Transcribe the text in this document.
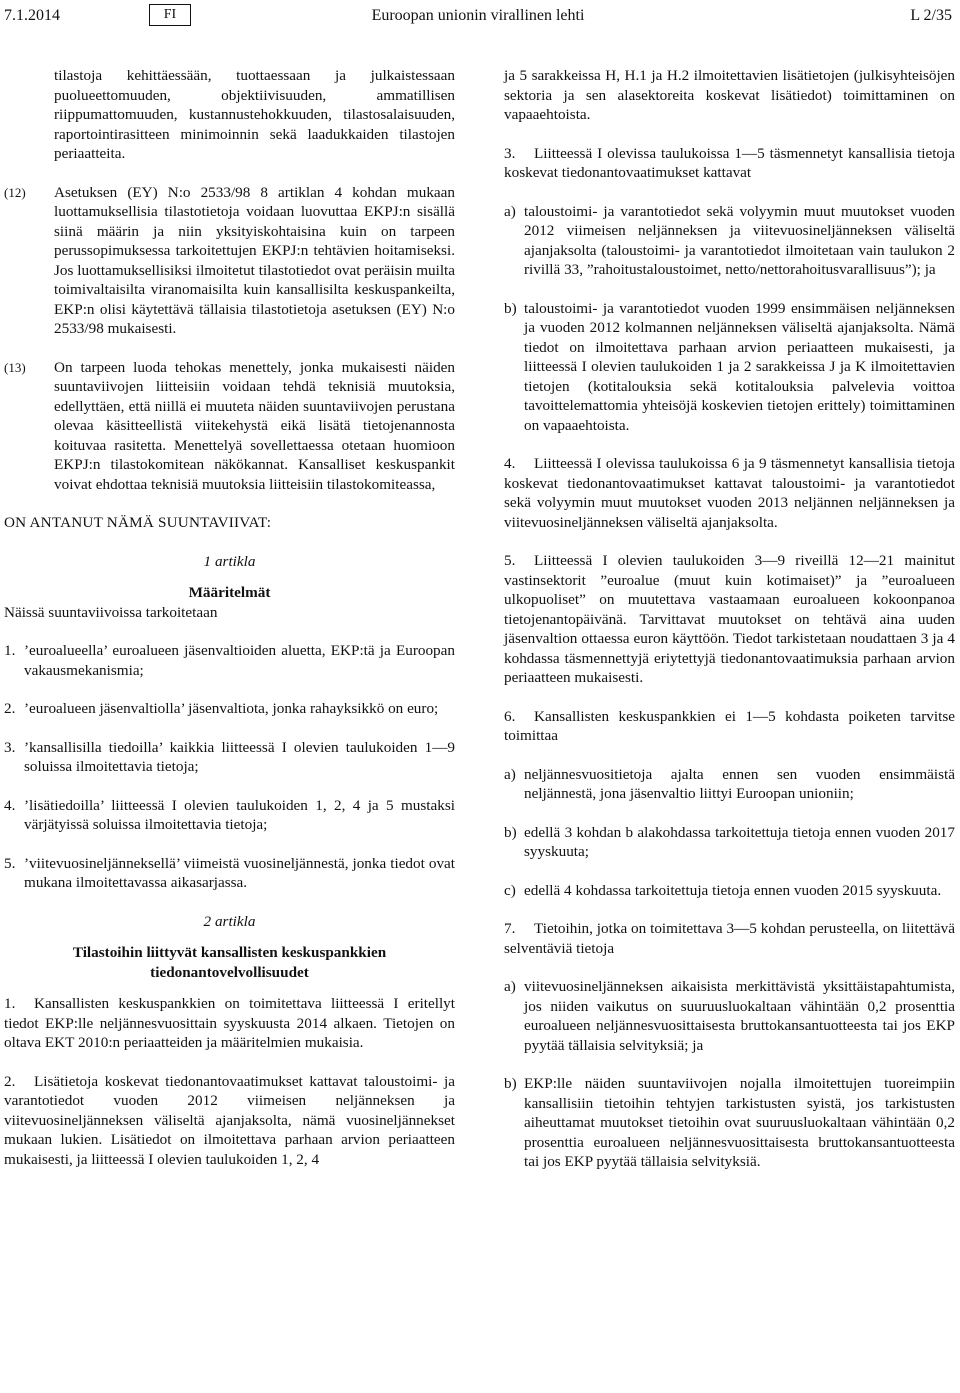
7.1.2014	FI	Euroopan unionin virallinen lehti	L 2/35

tilastoja kehittäessään, tuottaessaan ja julkaistessaan puolueettomuuden, objektiivisuuden, ammatillisen riippumattomuuden, kustannustehokkuuden, tilastosalaisuuden, raportointirasitteen minimoinnin sekä laadukkaiden tilastojen periaatteita.

(12) Asetuksen (EY) N:o 2533/98 8 artiklan 4 kohdan mukaan luottamuksellisia tilastotietoja voidaan luovuttaa EKPJ:n sisällä siinä määrin ja niin yksityiskohtaisina kuin on tarpeen perussopimuksessa tarkoitettujen EKPJ:n tehtävien hoitamiseksi. Jos luottamuksellisiksi ilmoitetut tilastotiedot ovat peräisin muilta toimivaltaisilta viranomaisilta kuin kansallisilta keskuspankeilta, EKP:n olisi käytettävä tällaisia tilastotietoja asetuksen (EY) N:o 2533/98 mukaisesti.
(13) On tarpeen luoda tehokas menettely, jonka mukaisesti näiden suuntaviivojen liitteisiin voidaan tehdä teknisiä muutoksia, edellyttäen, että niillä ei muuteta näiden suuntaviivojen perustana olevaa käsitteellistä viitekehystä eikä lisätä tietojenannosta koituvaa rasitetta. Menettelyä sovellettaessa otetaan huomioon EKPJ:n tilastokomitean näkökannat. Kansalliset keskuspankit voivat ehdottaa teknisiä muutoksia liitteisiin tilastokomiteassa,

ON ANTANUT NÄMÄ SUUNTAVIIVAT:

1 artikla

Määritelmät

Näissä suuntaviivoissa tarkoitetaan

1. ’euroalueella’ euroalueen jäsenvaltioiden aluetta, EKP:tä ja Euroopan vakausmekanismia;
2. ’euroalueen jäsenvaltiolla’ jäsenvaltiota, jonka rahayksikkö on euro;
3. ’kansallisilla tiedoilla’ kaikkia liitteessä I olevien taulukoiden 1—9 soluissa ilmoitettavia tietoja;
4. ’lisätiedoilla’ liitteessä I olevien taulukoiden 1, 2, 4 ja 5 mustaksi värjätyissä soluissa ilmoitettavia tietoja;
5. ’viitevuosineljänneksellä’ viimeistä vuosineljännestä, jonka tiedot ovat mukana ilmoitettavassa aikasarjassa.

2 artikla

Tilastoihin liittyvät kansallisten keskuspankkien tiedonantovelvollisuudet

1. Kansallisten keskuspankkien on toimitettava liitteessä I eritellyt tiedot EKP:lle neljännesvuosittain syyskuusta 2014 alkaen. Tietojen on oltava EKT 2010:n periaatteiden ja määritelmien mukaisia.

2. Lisätietoja koskevat tiedonantovaatimukset kattavat taloustoimi- ja varantotiedot vuoden 2012 viimeisen neljänneksen ja viitevuosineljänneksen väliseltä ajanjaksolta, nämä vuosineljännekset mukaan lukien. Lisätiedot on ilmoitettava parhaan arvion periaatteen mukaisesti, ja liitteessä I olevien taulukoiden 1, 2, 4

ja 5 sarakkeissa H, H.1 ja H.2 ilmoitettavien lisätietojen (julkisyhteisöjen sektoria ja sen alasektoreita koskevat lisätiedot) toimittaminen on vapaaehtoista.

3. Liitteessä I olevissa taulukoissa 1—5 täsmennetyt kansallisia tietoja koskevat tiedonantovaatimukset kattavat

a) taloustoimi- ja varantotiedot sekä volyymin muut muutokset vuoden 2012 viimeisen neljänneksen ja viitevuosineljänneksen väliseltä ajanjaksolta (taloustoimi- ja varantotiedot ilmoitetaan vain taulukon 2 rivillä 33, ”rahoitustaloustoimet, netto/nettorahoitusvarallisuus”); ja
b) taloustoimi- ja varantotiedot vuoden 1999 ensimmäisen neljänneksen ja vuoden 2012 kolmannen neljänneksen väliseltä ajanjaksolta. Nämä tiedot on ilmoitettava parhaan arvion periaatteen mukaisesti, ja liitteessä I olevien taulukoiden 1 ja 2 sarakkeissa J ja K ilmoitettavien tietojen (kotitalouksia sekä kotitalouksia palvelevia voittoa tavoittelemattomia yhteisöjä koskevien tietojen erittely) toimittaminen on vapaaehtoista.

4. Liitteessä I olevissa taulukoissa 6 ja 9 täsmennetyt kansallisia tietoja koskevat tiedonantovaatimukset kattavat taloustoimi- ja varantotiedot sekä volyymin muut muutokset vuoden 2013 neljännen neljänneksen ja viitevuosineljänneksen väliseltä ajanjaksolta.

5. Liitteessä I olevien taulukoiden 3—9 riveillä 12—21 mainitut vastinsektorit ”euroalue (muut kuin kotimaiset)” ja ”euroalueen ulkopuoliset” on muutettava vastaamaan euroalueen kokoonpanoa tietojenantopäivänä. Tarvittavat muutokset on tehtävä aina uuden jäsenvaltion ottaessa euron käyttöön. Tiedot tarkistetaan noudattaen 3 ja 4 kohdassa täsmennettyjä eriytettyjä tiedonantovaatimuksia parhaan arvion periaatteen mukaisesti.

6. Kansallisten keskuspankkien ei 1—5 kohdasta poiketen tarvitse toimittaa

a) neljännesvuositietoja ajalta ennen sen vuoden ensimmäistä neljännestä, jona jäsenvaltio liittyi Euroopan unioniin;
b) edellä 3 kohdan b alakohdassa tarkoitettuja tietoja ennen vuoden 2017 syyskuuta;
c) edellä 4 kohdassa tarkoitettuja tietoja ennen vuoden 2015 syyskuuta.

7. Tietoihin, jotka on toimitettava 3—5 kohdan perusteella, on liitettävä selventäviä tietoja

a) viitevuosineljänneksen aikaisista merkittävistä yksittäistapahtumista, jos niiden vaikutus on suuruusluokaltaan vähintään 0,2 prosenttia euroalueen neljännesvuosittaisesta bruttokansantuotteesta tai jos EKP pyytää tällaisia selvityksiä; ja
b) EKP:lle näiden suuntaviivojen nojalla ilmoitettujen tuoreimpiin kansallisiin tietoihin tehtyjen tarkistusten syistä, jos tarkistusten aiheuttamat muutokset tietoihin ovat suuruusluokaltaan vähintään 0,2 prosenttia euroalueen neljännesvuosittaisesta bruttokansantuotteesta tai jos EKP pyytää tällaisia selvityksiä.
